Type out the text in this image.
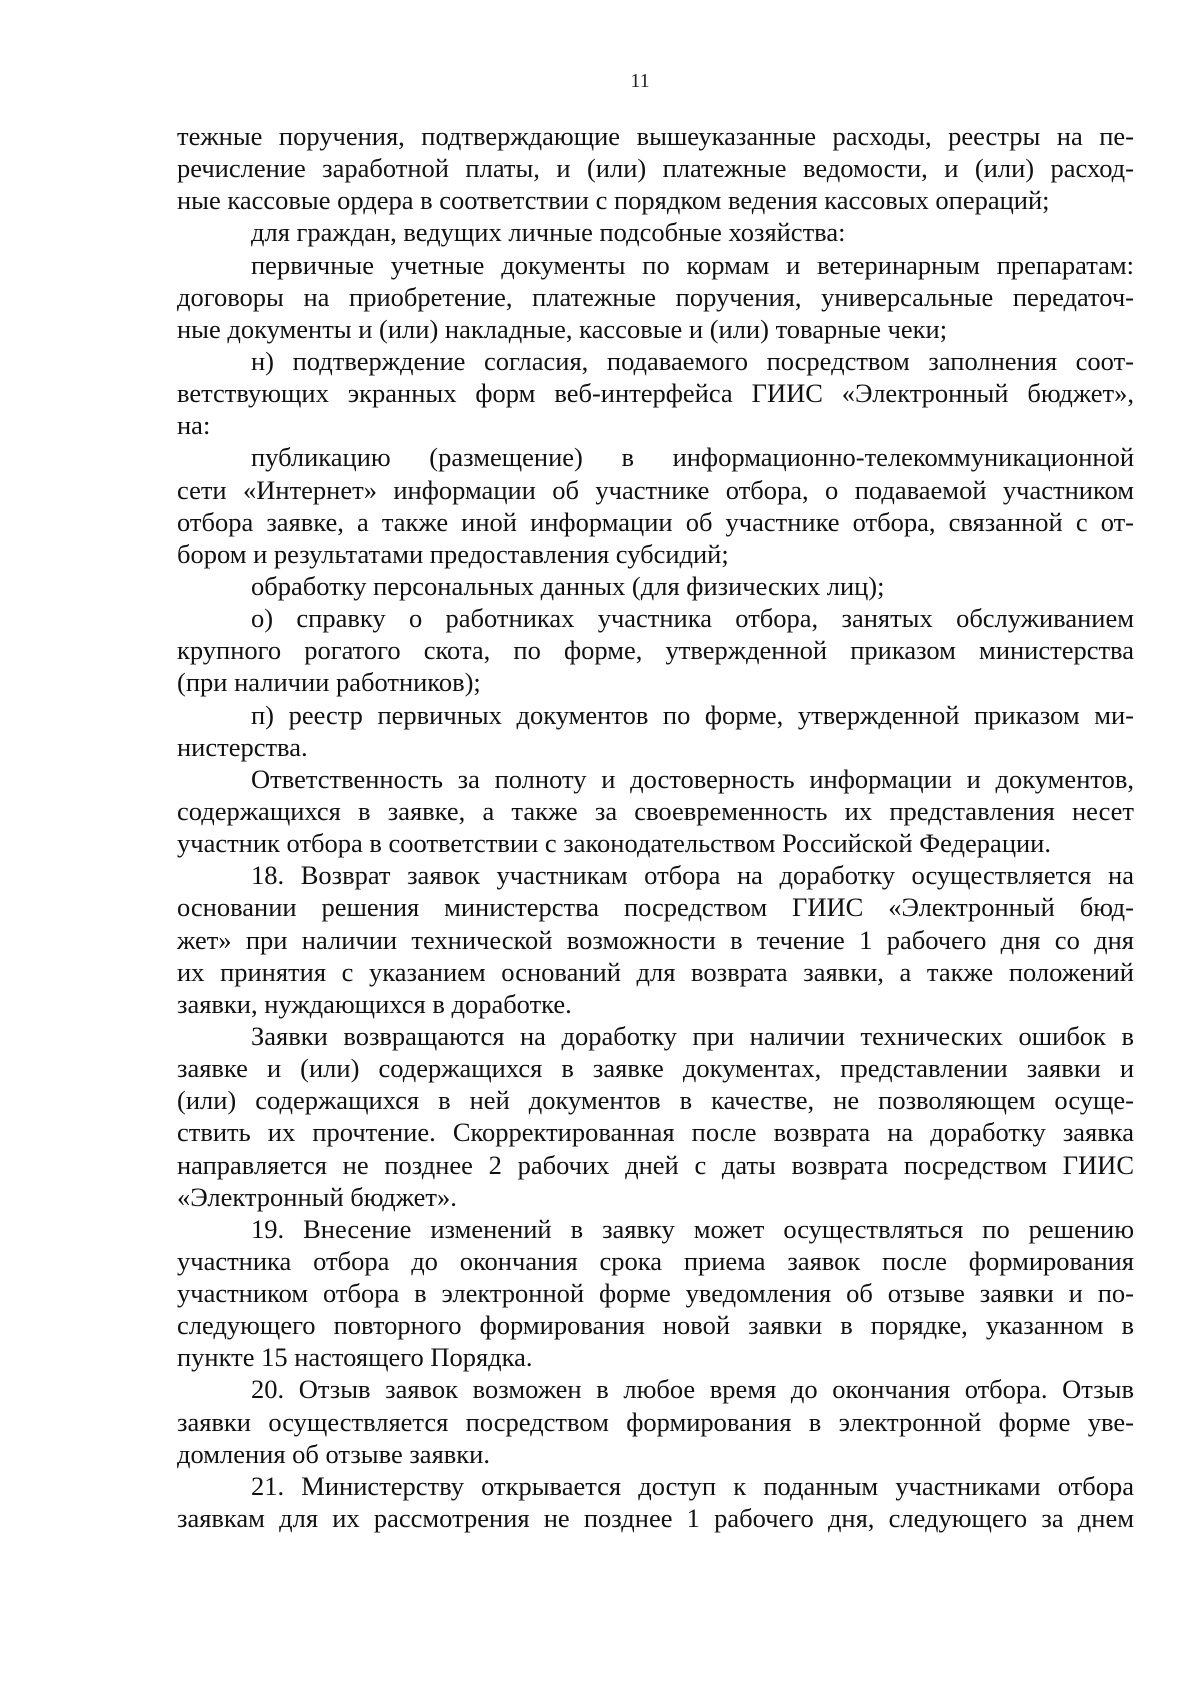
11
тежные поручения, подтверждающие вышеуказанные расходы, реестры на пе-
речисление заработной платы, и (или) платежные ведомости, и (или) расход-
ные кассовые ордера в соответствии с порядком ведения кассовых операций;
для граждан, ведущих личные подсобные хозяйства:
первичные учетные документы по кормам и ветеринарным препаратам:
договоры на приобретение, платежные поручения, универсальные передаточ-
ные документы и (или) накладные, кассовые и (или) товарные чеки;
н) подтверждение согласия, подаваемого посредством заполнения соот-
ветствующих экранных форм веб-интерфейса ГИИС «Электронный бюджет»,
на:
публикацию (размещение) в информационно-телекоммуникационной
сети «Интернет» информации об участнике отбора, о подаваемой участником
отбора заявке, а также иной информации об участнике отбора, связанной с от-
бором и результатами предоставления субсидий;
обработку персональных данных (для физических лиц);
о) справку о работниках участника отбора, занятых обслуживанием
крупного рогатого скота, по форме, утвержденной приказом министерства
(при наличии работников);
п) реестр первичных документов по форме, утвержденной приказом ми-
нистерства.
Ответственность за полноту и достоверность информации и документов,
содержащихся в заявке, а также за своевременность их представления несет
участник отбора в соответствии с законодательством Российской Федерации.
18. Возврат заявок участникам отбора на доработку осуществляется на
основании решения министерства посредством ГИИС «Электронный бюд-
жет» при наличии технической возможности в течение 1 рабочего дня со дня
их принятия с указанием оснований для возврата заявки, а также положений
заявки, нуждающихся в доработке.
Заявки возвращаются на доработку при наличии технических ошибок в
заявке и (или) содержащихся в заявке документах, представлении заявки и
(или) содержащихся в ней документов в качестве, не позволяющем осуще-
ствить их прочтение. Скорректированная после возврата на доработку заявка
направляется не позднее 2 рабочих дней с даты возврата посредством ГИИС
«Электронный бюджет».
19. Внесение изменений в заявку может осуществляться по решению
участника отбора до окончания срока приема заявок после формирования
участником отбора в электронной форме уведомления об отзыве заявки и по-
следующего повторного формирования новой заявки в порядке, указанном в
пункте 15 настоящего Порядка.
20. Отзыв заявок возможен в любое время до окончания отбора. Отзыв
заявки осуществляется посредством формирования в электронной форме уве-
домления об отзыве заявки.
21. Министерству открывается доступ к поданным участниками отбора
заявкам для их рассмотрения не позднее 1 рабочего дня, следующего за днем
